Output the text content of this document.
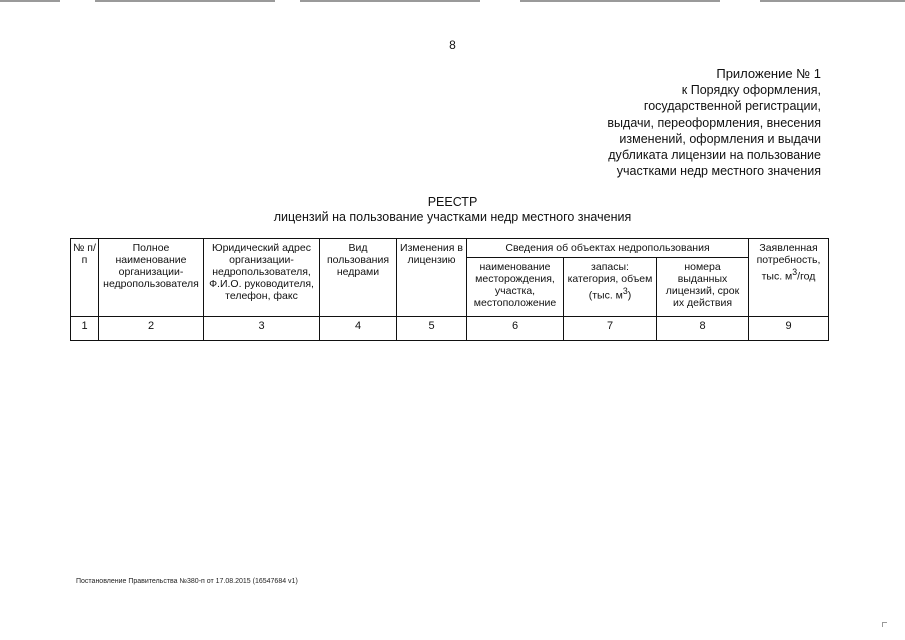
8
Приложение № 1
к Порядку оформления,
государственной регистрации,
выдачи, переоформления, внесения
изменений, оформления и выдачи
дубликата лицензии на пользование
участками недр местного значения
РЕЕСТР
лицензий на пользование участками недр местного значения
№ п/п	Полное наименование организации-недропользователя	Юридический адрес организации-недропользователя, Ф.И.О. руководителя, телефон, факс	Вид пользования недрами	Изменения в лицензию	Сведения об объектах недропользования			Заявленная потребность, тыс. $м^3$/год
					наименование месторождения, участка, местоположение	запасы: категория, объем (тыс. $м^3$)	номера выданных лицензий, срок их действия	
1	2	3	4	5	6	7	8	9
Постановление Правительства №380-п от 17.08.2015 (16547684 v1)
